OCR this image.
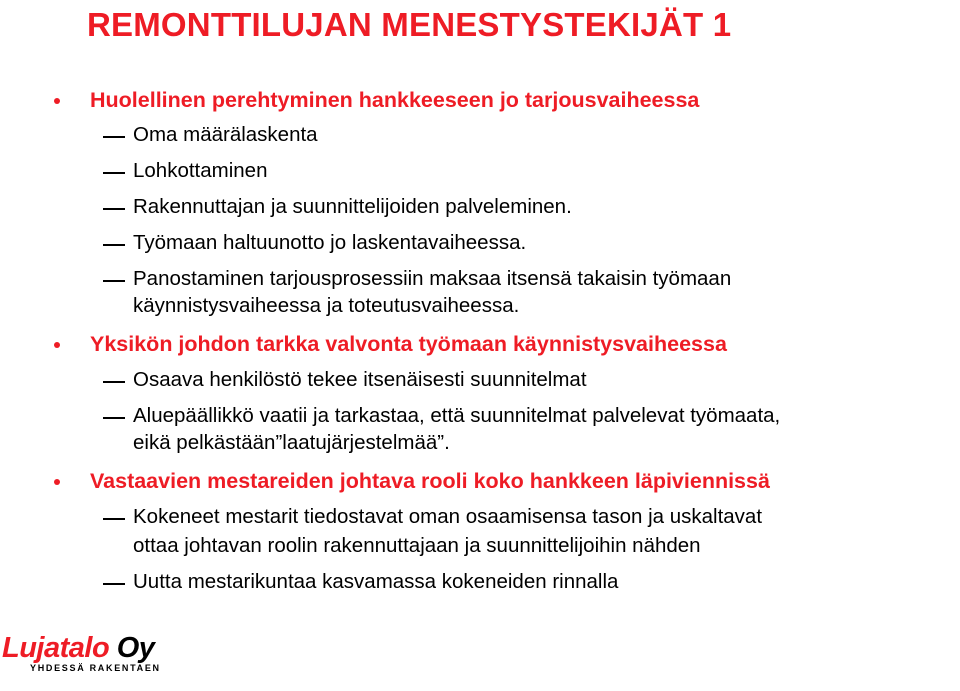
REMONTTILUJAN MENESTYSTEKIJÄT 1
Huolellinen perehtyminen hankkeeseen jo tarjousvaiheessa
Oma määrälaskenta
Lohkottaminen
Rakennuttajan ja suunnittelijoiden palveleminen.
Työmaan haltuunotto jo laskentavaiheessa.
Panostaminen tarjousprosessiin maksaa itsensä takaisin työmaan
käynnistysvaiheessa ja toteutusvaiheessa.
Yksikön johdon tarkka valvonta työmaan käynnistysvaiheessa
Osaava henkilöstö tekee itsenäisesti suunnitelmat
Aluepäällikkö vaatii ja tarkastaa, että suunnitelmat palvelevat työmaata,
eikä pelkästään”laatujärjestelmää”.
Vastaavien mestareiden johtava rooli koko hankkeen läpiviennissä
Kokeneet mestarit tiedostavat oman osaamisensa tason ja uskaltavat
ottaa johtavan roolin rakennuttajaan ja suunnittelijoihin nähden
Uutta mestarikuntaa kasvamassa kokeneiden rinnalla
Lujatalo Oy
YHDESSÄ RAKENTAEN
